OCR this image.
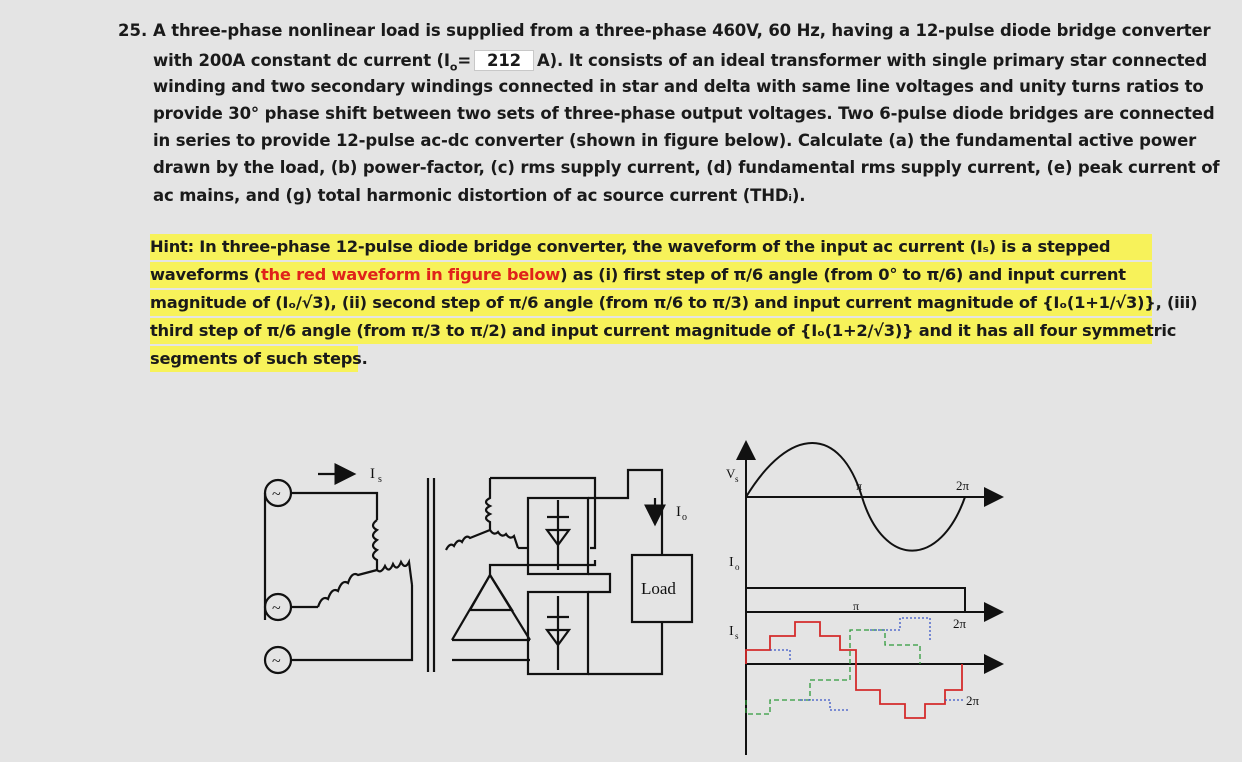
25. A three-phase nonlinear load is supplied from a three-phase 460V, 60 Hz, having a 12-pulse diode bridge converter
with 200A constant dc current ($I_o= 212$ A). It consists of an ideal transformer with single primary star connected
winding and two secondary windings connected in star and delta with same line voltages and unity turns ratios to
provide 30° phase shift between two sets of three-phase output voltages. Two 6-pulse diode bridges are connected
in series to provide 12-pulse ac-dc converter (shown in figure below). Calculate (a) the fundamental active power
drawn by the load, (b) power-factor, (c) rms supply current, (d) fundamental rms supply current, (e) peak current of
ac mains, and (g) total harmonic distortion of ac source current (THDᵢ).
Hint: In three-phase 12-pulse diode bridge converter, the waveform of the input ac current (Iₛ) is a stepped
waveforms (the red waveform in figure below) as (i) first step of π/6 angle (from 0° to π/6) and input current
magnitude of (Iₒ/√3), (ii) second step of π/6 angle (from π/6 to π/3) and input current magnitude of {Iₒ(1+1/√3)}, (iii)
third step of π/6 angle (from π/3 to π/2) and input current magnitude of {Iₒ(1+2/√3)} and it has all four symmetric
segments of such steps.
~
~
~
I s
Load
I o
V s
I o
I s
π	2π
π
2π
2π
